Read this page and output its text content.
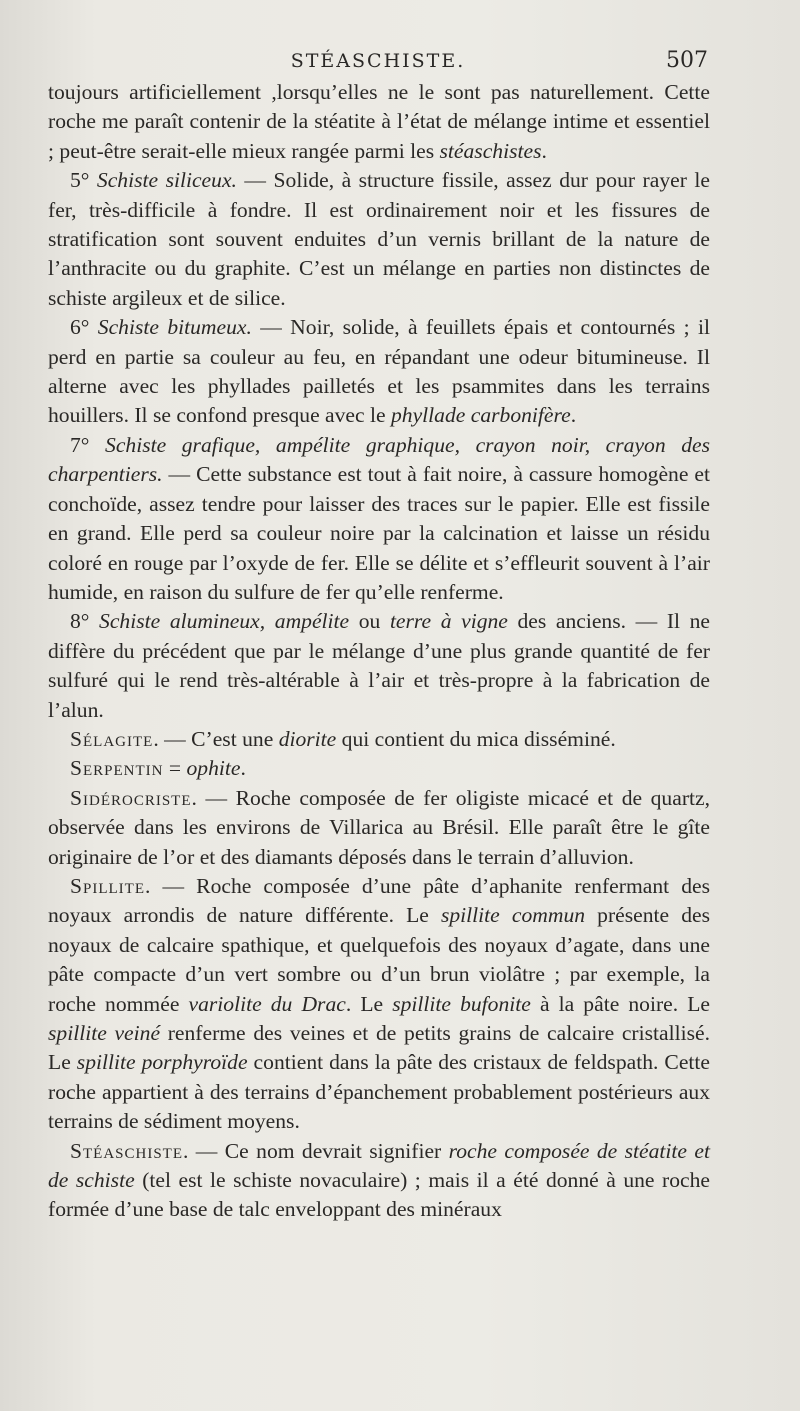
STÉASCHISTE.	507

toujours artificiellement ,lorsqu’elles ne le sont pas naturellement. Cette roche me paraît contenir de la stéatite à l’état de mélange intime et essentiel ; peut-être serait-elle mieux rangée parmi les stéaschistes.

5° Schiste siliceux. — Solide, à structure fissile, assez dur pour rayer le fer, très-difficile à fondre. Il est ordinairement noir et les fissures de stratification sont souvent enduites d’un vernis brillant de la nature de l’anthracite ou du graphite. C’est un mélange en parties non distinctes de schiste argileux et de silice.

6° Schiste bitumeux. — Noir, solide, à feuillets épais et contournés ; il perd en partie sa couleur au feu, en répandant une odeur bitumineuse. Il alterne avec les phyllades pailletés et les psammites dans les terrains houillers. Il se confond presque avec le phyllade carbonifère.

7° Schiste grafique, ampélite graphique, crayon noir, crayon des charpentiers. — Cette substance est tout à fait noire, à cassure homogène et conchoïde, assez tendre pour laisser des traces sur le papier. Elle est fissile en grand. Elle perd sa couleur noire par la calcination et laisse un résidu coloré en rouge par l’oxyde de fer. Elle se délite et s’effleurit souvent à l’air humide, en raison du sulfure de fer qu’elle renferme.

8° Schiste alumineux, ampélite ou terre à vigne des anciens. — Il ne diffère du précédent que par le mélange d’une plus grande quantité de fer sulfuré qui le rend très-altérable à l’air et très-propre à la fabrication de l’alun.

Sélagite. — C’est une diorite qui contient du mica disséminé.

Serpentin = ophite.

Sidérocriste. — Roche composée de fer oligiste micacé et de quartz, observée dans les environs de Villarica au Brésil. Elle paraît être le gîte originaire de l’or et des diamants déposés dans le terrain d’alluvion.

Spillite. — Roche composée d’une pâte d’aphanite renfermant des noyaux arrondis de nature différente. Le spillite commun présente des noyaux de calcaire spathique, et quelquefois des noyaux d’agate, dans une pâte compacte d’un vert sombre ou d’un brun violâtre ; par exemple, la roche nommée variolite du Drac. Le spillite bufonite à la pâte noire. Le spillite veiné renferme des veines et de petits grains de calcaire cristallisé. Le spillite porphyroïde contient dans la pâte des cristaux de feldspath. Cette roche appartient à des terrains d’épanchement probablement postérieurs aux terrains de sédiment moyens.

Stéaschiste. — Ce nom devrait signifier roche composée de stéatite et de schiste (tel est le schiste novaculaire) ; mais il a été donné à une roche formée d’une base de talc enveloppant des minéraux
